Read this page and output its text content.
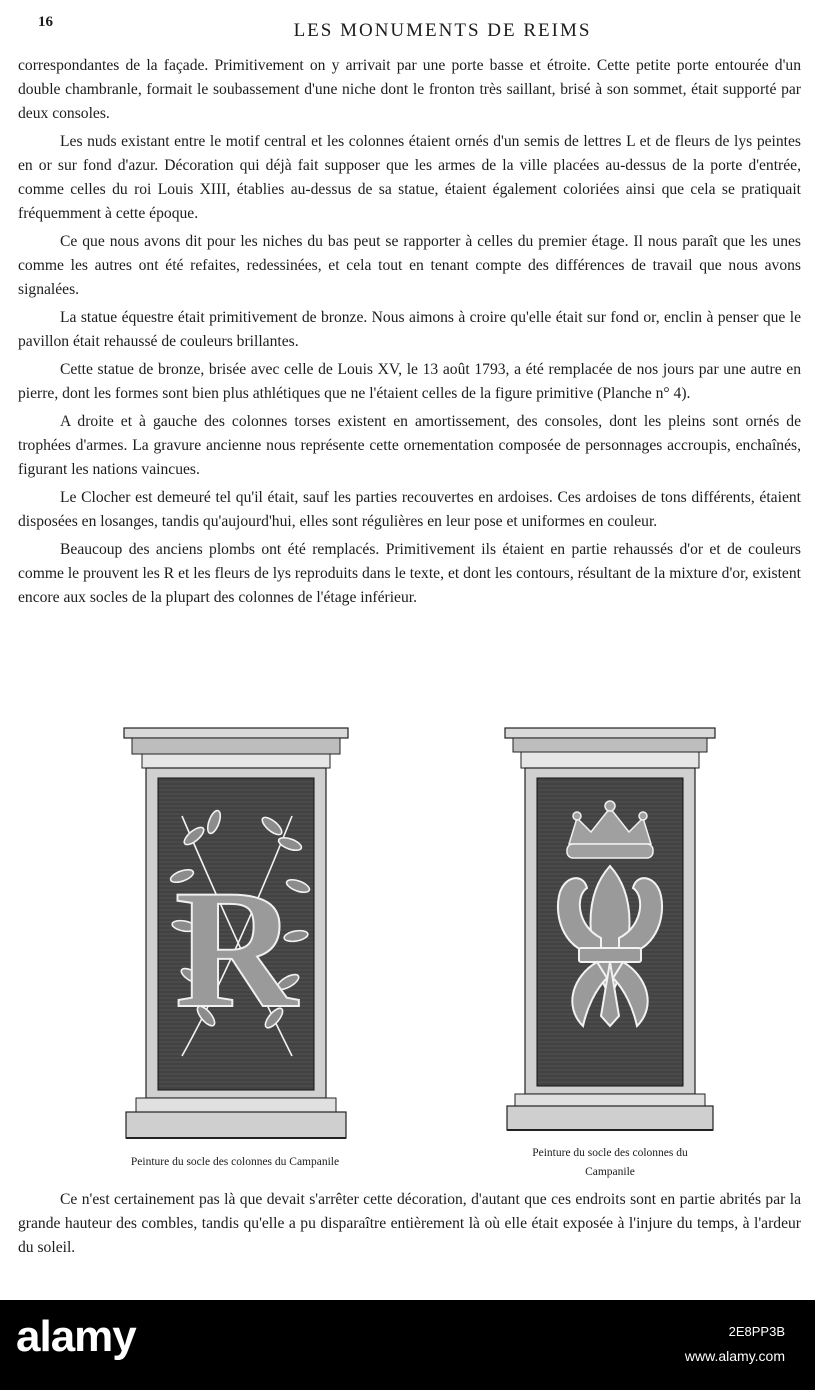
16	LES MONUMENTS DE REIMS

correspondantes de la façade. Primitivement on y arrivait par une porte basse et étroite. Cette petite porte entourée d'un double chambranle, formait le soubassement d'une niche dont le fronton très saillant, brisé à son sommet, était supporté par deux consoles.

Les nuds existant entre le motif central et les colonnes étaient ornés d'un semis de lettres L et de fleurs de lys peintes en or sur fond d'azur. Décoration qui déjà fait supposer que les armes de la ville placées au-dessus de la porte d'entrée, comme celles du roi Louis XIII, établies au-dessus de sa statue, étaient également coloriées ainsi que cela se pratiquait fréquemment à cette époque.

Ce que nous avons dit pour les niches du bas peut se rapporter à celles du premier étage. Il nous paraît que les unes comme les autres ont été refaites, redessinées, et cela tout en tenant compte des différences de travail que nous avons signalées.

La statue équestre était primitivement de bronze. Nous aimons à croire qu'elle était sur fond or, enclin à penser que le pavillon était rehaussé de couleurs brillantes.

Cette statue de bronze, brisée avec celle de Louis XV, le 13 août 1793, a été remplacée de nos jours par une autre en pierre, dont les formes sont bien plus athlétiques que ne l'étaient celles de la figure primitive (Planche n° 4).

A droite et à gauche des colonnes torses existent en amortissement, des consoles, dont les pleins sont ornés de trophées d'armes. La gravure ancienne nous représente cette ornementation composée de personnages accroupis, enchaînés, figurant les nations vaincues.

Le Clocher est demeuré tel qu'il était, sauf les parties recouvertes en ardoises. Ces ardoises de tons différents, étaient disposées en losanges, tandis qu'aujourd'hui, elles sont régulières en leur pose et uniformes en couleur.

Beaucoup des anciens plombs ont été remplacés. Primitivement ils étaient en partie rehaussés d'or et de couleurs comme le prouvent les R et les fleurs de lys reproduits dans le texte, et dont les contours, résultant de la mixture d'or, existent encore aux socles de la plupart des colonnes de l'étage inférieur.

R
Peinture du socle des colonnes du Campanile
Peinture du socle des colonnes du Campanile

Ce n'est certainement pas là que devait s'arrêter cette décoration, d'autant que ces endroits sont en partie abrités par la grande hauteur des combles, tandis qu'elle a pu disparaître entièrement là où elle était exposée à l'injure du temps, à l'ardeur du soleil.

alamy	2E8PP3B
www.alamy.com
